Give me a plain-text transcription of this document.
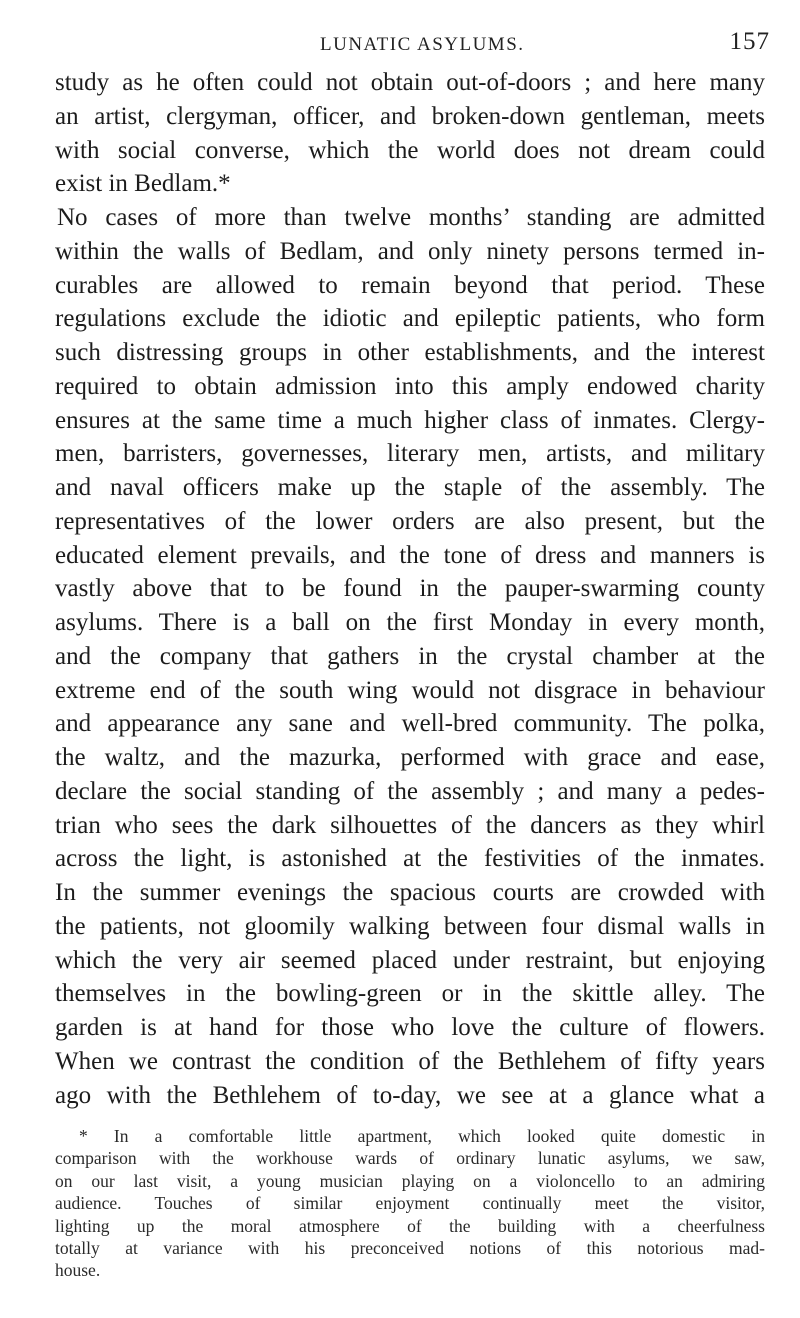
LUNATIC ASYLUMS.	157
study as he often could not obtain out-of-doors ; and here many
an artist, clergyman, officer, and broken-down gentleman, meets
with social converse, which the world does not dream could
exist in Bedlam.*
No cases of more than twelve months’ standing are admitted
within the walls of Bedlam, and only ninety persons termed in-
curables are allowed to remain beyond that period. These
regulations exclude the idiotic and epileptic patients, who form
such distressing groups in other establishments, and the interest
required to obtain admission into this amply endowed charity
ensures at the same time a much higher class of inmates. Clergy-
men, barristers, governesses, literary men, artists, and military
and naval officers make up the staple of the assembly. The
representatives of the lower orders are also present, but the
educated element prevails, and the tone of dress and manners is
vastly above that to be found in the pauper-swarming county
asylums. There is a ball on the first Monday in every month,
and the company that gathers in the crystal chamber at the
extreme end of the south wing would not disgrace in behaviour
and appearance any sane and well-bred community. The polka,
the waltz, and the mazurka, performed with grace and ease,
declare the social standing of the assembly ; and many a pedes-
trian who sees the dark silhouettes of the dancers as they whirl
across the light, is astonished at the festivities of the inmates.
In the summer evenings the spacious courts are crowded with
the patients, not gloomily walking between four dismal walls in
which the very air seemed placed under restraint, but enjoying
themselves in the bowling-green or in the skittle alley. The
garden is at hand for those who love the culture of flowers.
When we contrast the condition of the Bethlehem of fifty years
ago with the Bethlehem of to-day, we see at a glance what a
* In a comfortable little apartment, which looked quite domestic in
comparison with the workhouse wards of ordinary lunatic asylums, we saw,
on our last visit, a young musician playing on a violoncello to an admiring
audience. Touches of similar enjoyment continually meet the visitor,
lighting up the moral atmosphere of the building with a cheerfulness
totally at variance with his preconceived notions of this notorious mad-
house.
